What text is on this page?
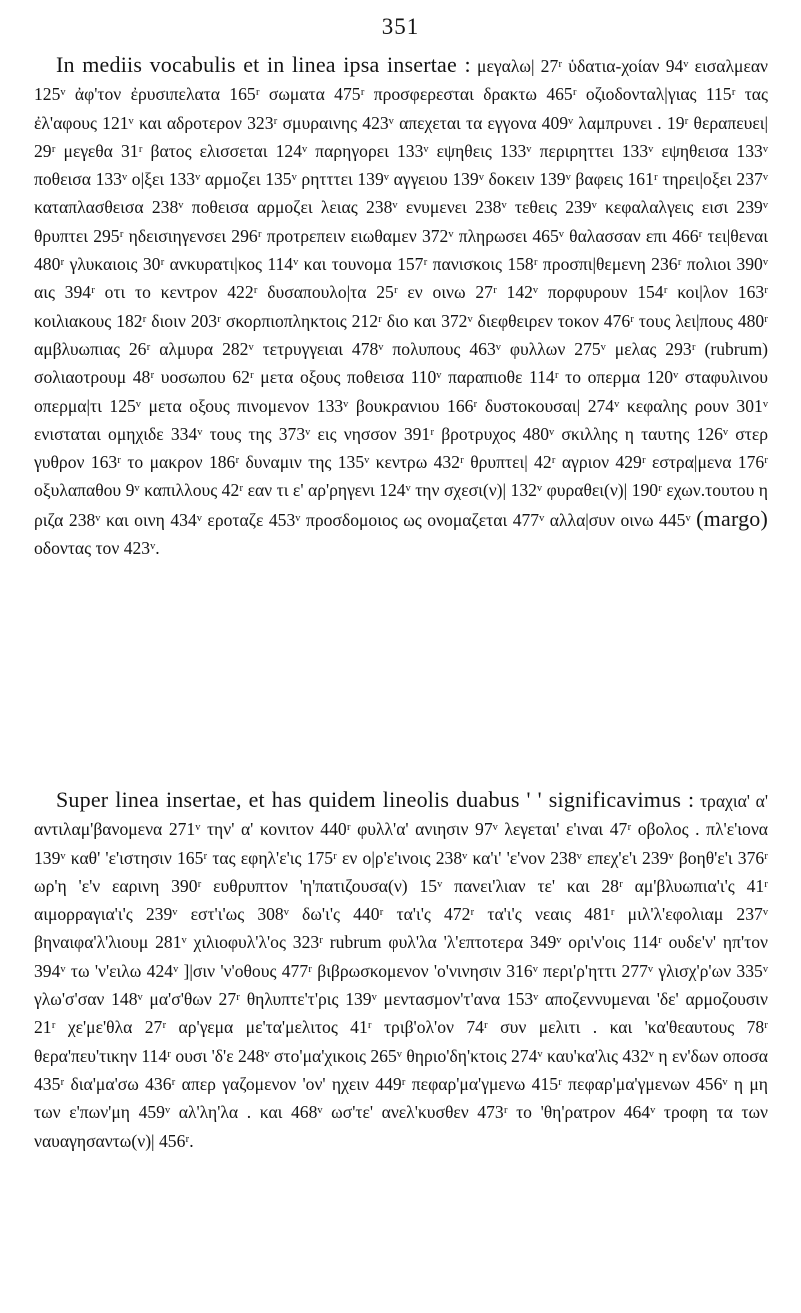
351

In mediis vocabulis et in linea ipsa insertae : μεγαλω| 27ʳ ὑδατια-χοίαν 94ᵛ εισαλμεαν 125ᵛ ἀφ'τον ἐρυσιπελατα 165ʳ σωματα 475ʳ προσφερεσται δρακτω 465ʳ οζιοδονταλ|γιας 115ʳ τας ἐλ'αφους 121ᵛ και αδροτερον 323ʳ σμυραινης 423ᵛ απεχεται τα εγγονα 409ᵛ λαμπρυνει . 19ʳ θεραπευει| 29ʳ μεγεθα 31ʳ βατος ελισσεται 124ᵛ παρηγορει 133ᵛ εψηθεις 133ᵛ περιρηττει 133ᵛ εψηθεισα 133ᵛ ποθεισα 133ᵛ ο|ξει 133ᵛ αρμοζει 135ᵛ ρητττει 139ᵛ αγγειου 139ᵛ δοκειν 139ᵛ βαφεις 161ʳ τηρει|οξει 237ᵛ καταπλασθεισα 238ᵛ ποθεισα αρμοζει λειας 238ᵛ ενυμενει 238ᵛ τεθεις 239ᵛ κεφαλαλγεις εισι 239ᵛ θρυπτει 295ʳ ηδεισιηγενσει 296ʳ προτρεπειν ειωθαμεν 372ᵛ πληρωσει 465ᵛ θαλασσαν επι 466ʳ τει|θεναι 480ʳ γλυκαιοις 30ʳ ανκυρατι|κος 114ᵛ και τουνομα 157ʳ πανισκοις 158ʳ προσπι|θεμενη 236ʳ πολιοι 390ᵛ αις 394ʳ οτι το κεντρον 422ʳ δυσαπουλο|τα 25ʳ εν οινω 27ʳ 142ᵛ πορφυρουν 154ʳ κοι|λον 163ʳ κοιλιακους 182ʳ διοιν 203ʳ σκορπιοπληκτοις 212ʳ διο και 372ᵛ διεφθειρεν τοκον 476ʳ τους λει|πους 480ʳ αμβλυωπιας 26ʳ αλμυρα 282ᵛ τετρυγγειαι 478ᵛ πολυπους 463ᵛ φυλλων 275ᵛ μελας 293ʳ (rubrum) σολιαοτρουμ 48ʳ υοσωπου 62ʳ μετα οξους ποθεισα 110ᵛ παραπιοθε 114ʳ το οπερμα 120ᵛ σταφυλινου οπερμα|τι 125ᵛ μετα οξους πινομενον 133ᵛ βουκρανιου 166ʳ δυστοκουσαι| 274ᵛ κεφαλης ρουν 301ᵛ ενισταται ομηχιδε 334ᵛ τους της 373ᵛ εις νησσον 391ʳ βροτρυχος 480ᵛ σκιλλης η ταυτης 126ᵛ στερ γυθρον 163ʳ το μακρον 186ʳ δυναμιν της 135ᵛ κεντρω 432ʳ θρυπτει| 42ʳ αγριον 429ʳ εστρα|μενα 176ʳ οξυλαπαθου 9ᵛ καπιλλους 42ʳ εαν τι ε' αρ'ρηγενι 124ᵛ την σχεσι(ν)| 132ᵛ φυραθει(ν)| 190ʳ εχων.τουτου η ριζα 238ᵛ και οινη 434ᵛ εροταζε 453ᵛ προσδομοιος ως ονομαζεται 477ᵛ αλλα|συν οινω 445ᵛ (margo) οδοντας τον 423ᵛ.

Super linea insertae, et has quidem lineolis duabus ' ' significavimus : τραχια' α' αντιλαμ'βανομενα 271ᵛ την' α' κονιτον 440ʳ φυλλ'α' ανιησιν 97ᵛ λεγεται' ε'ιναι 47ʳ οβολος . πλ'ε'ιονα 139ᵛ καθ' 'ε'ιστησιν 165ʳ τας εφηλ'ε'ις 175ʳ εν ο|ρ'ε'ινοις 238ᵛ κα'ι' 'ε'νον 238ᵛ επεχ'ε'ι 239ᵛ βοηθ'ε'ι 376ʳ ωρ'η 'ε'ν εαρινη 390ʳ ευθρυπτον 'η'πατιζουσα(ν) 15ᵛ πανει'λιαν τε' και 28ʳ αμ'βλυωπια'ι'ς 41ʳ αιμορραγια'ι'ς 239ᵛ εστ'ι'ως 308ᵛ δω'ι'ς 440ʳ τα'ι'ς 472ʳ τα'ι'ς νεαις 481ʳ μιλ'λ'εφολιαμ 237ᵛ βηναιφα'λ'λιουμ 281ᵛ χιλιοφυλ'λ'ος 323ʳ rubrum φυλ'λα 'λ'επτοτερα 349ᵛ ορι'ν'οις 114ʳ ουδε'ν' ηπ'τον 394ᵛ τω 'ν'ειλω 424ᵛ ]|σιν 'ν'οθους 477ʳ βιβρωσκομενον 'ο'νινησιν 316ᵛ περι'ρ'ηττι 277ᵛ γλισχ'ρ'ων 335ᵛ γλω'σ'σαν 148ᵛ μα'σ'θων 27ʳ θηλυπτε'τ'ρις 139ᵛ μεντασμον'τ'ανα 153ᵛ αποζεννυμεναι 'δε' αρμοζουσιν 21ʳ χε'με'θλα 27ʳ αρ'γεμα με'τα'μελιτος 41ʳ τριβ'ολ'ον 74ʳ συν μελιτι . και 'κα'θεαυτους 78ʳ θερα'πευ'τικην 114ʳ ουσι 'δ'ε 248ᵛ στο'μα'χικοις 265ᵛ θηριο'δη'κτοις 274ᵛ καυ'κα'λις 432ᵛ η εν'δων οποσα 435ʳ δια'μα'σω 436ʳ απερ γαζομενον 'ον' ηχειν 449ʳ πεφαρ'μα'γμενω 415ʳ πεφαρ'μα'γμενων 456ᵛ η μη των ε'πων'μη 459ᵛ αλ'λη'λα . και 468ᵛ ωσ'τε' ανελ'κυσθεν 473ʳ το 'θη'ρατρον 464ᵛ τροφη τα των ναυαγησαντω(ν)| 456ʳ.
